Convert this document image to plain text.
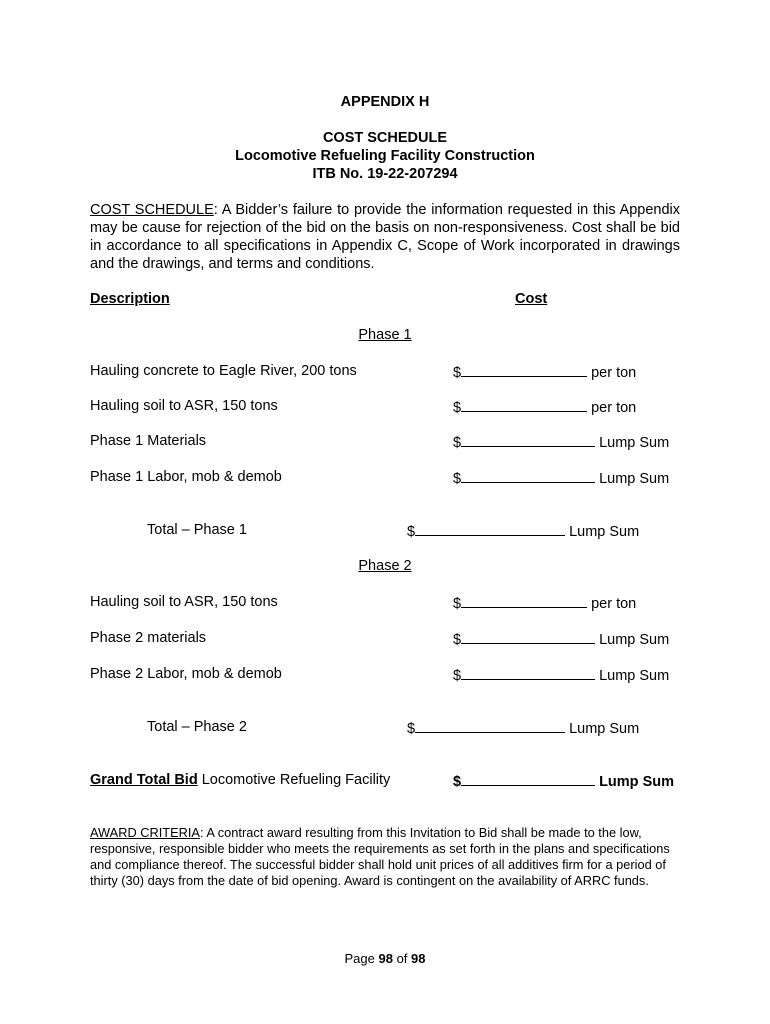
APPENDIX H
COST SCHEDULE
Locomotive Refueling Facility Construction
ITB No. 19-22-207294
COST SCHEDULE: A Bidder’s failure to provide the information requested in this Appendix may be cause for rejection of the bid on the basis on non-responsiveness. Cost shall be bid in accordance to all specifications in Appendix C, Scope of Work incorporated in drawings and the drawings, and terms and conditions.
Description	Cost
Phase 1
Hauling concrete to Eagle River, 200 tons	$	per ton
Hauling soil to ASR, 150 tons	$	per ton
Phase 1 Materials	$	Lump Sum
Phase 1 Labor, mob & demob	$	Lump Sum
Total – Phase 1	$	Lump Sum
Phase 2
Hauling soil to ASR, 150 tons	$	per ton
Phase 2 materials	$	Lump Sum
Phase 2 Labor, mob & demob	$	Lump Sum
Total – Phase 2	$	Lump Sum
Grand Total Bid Locomotive Refueling Facility	$	Lump Sum
AWARD CRITERIA: A contract award resulting from this Invitation to Bid shall be made to the low, responsive, responsible bidder who meets the requirements as set forth in the plans and specifications and compliance thereof. The successful bidder shall hold unit prices of all additives firm for a period of thirty (30) days from the date of bid opening. Award is contingent on the availability of ARRC funds.
Page 98 of 98
